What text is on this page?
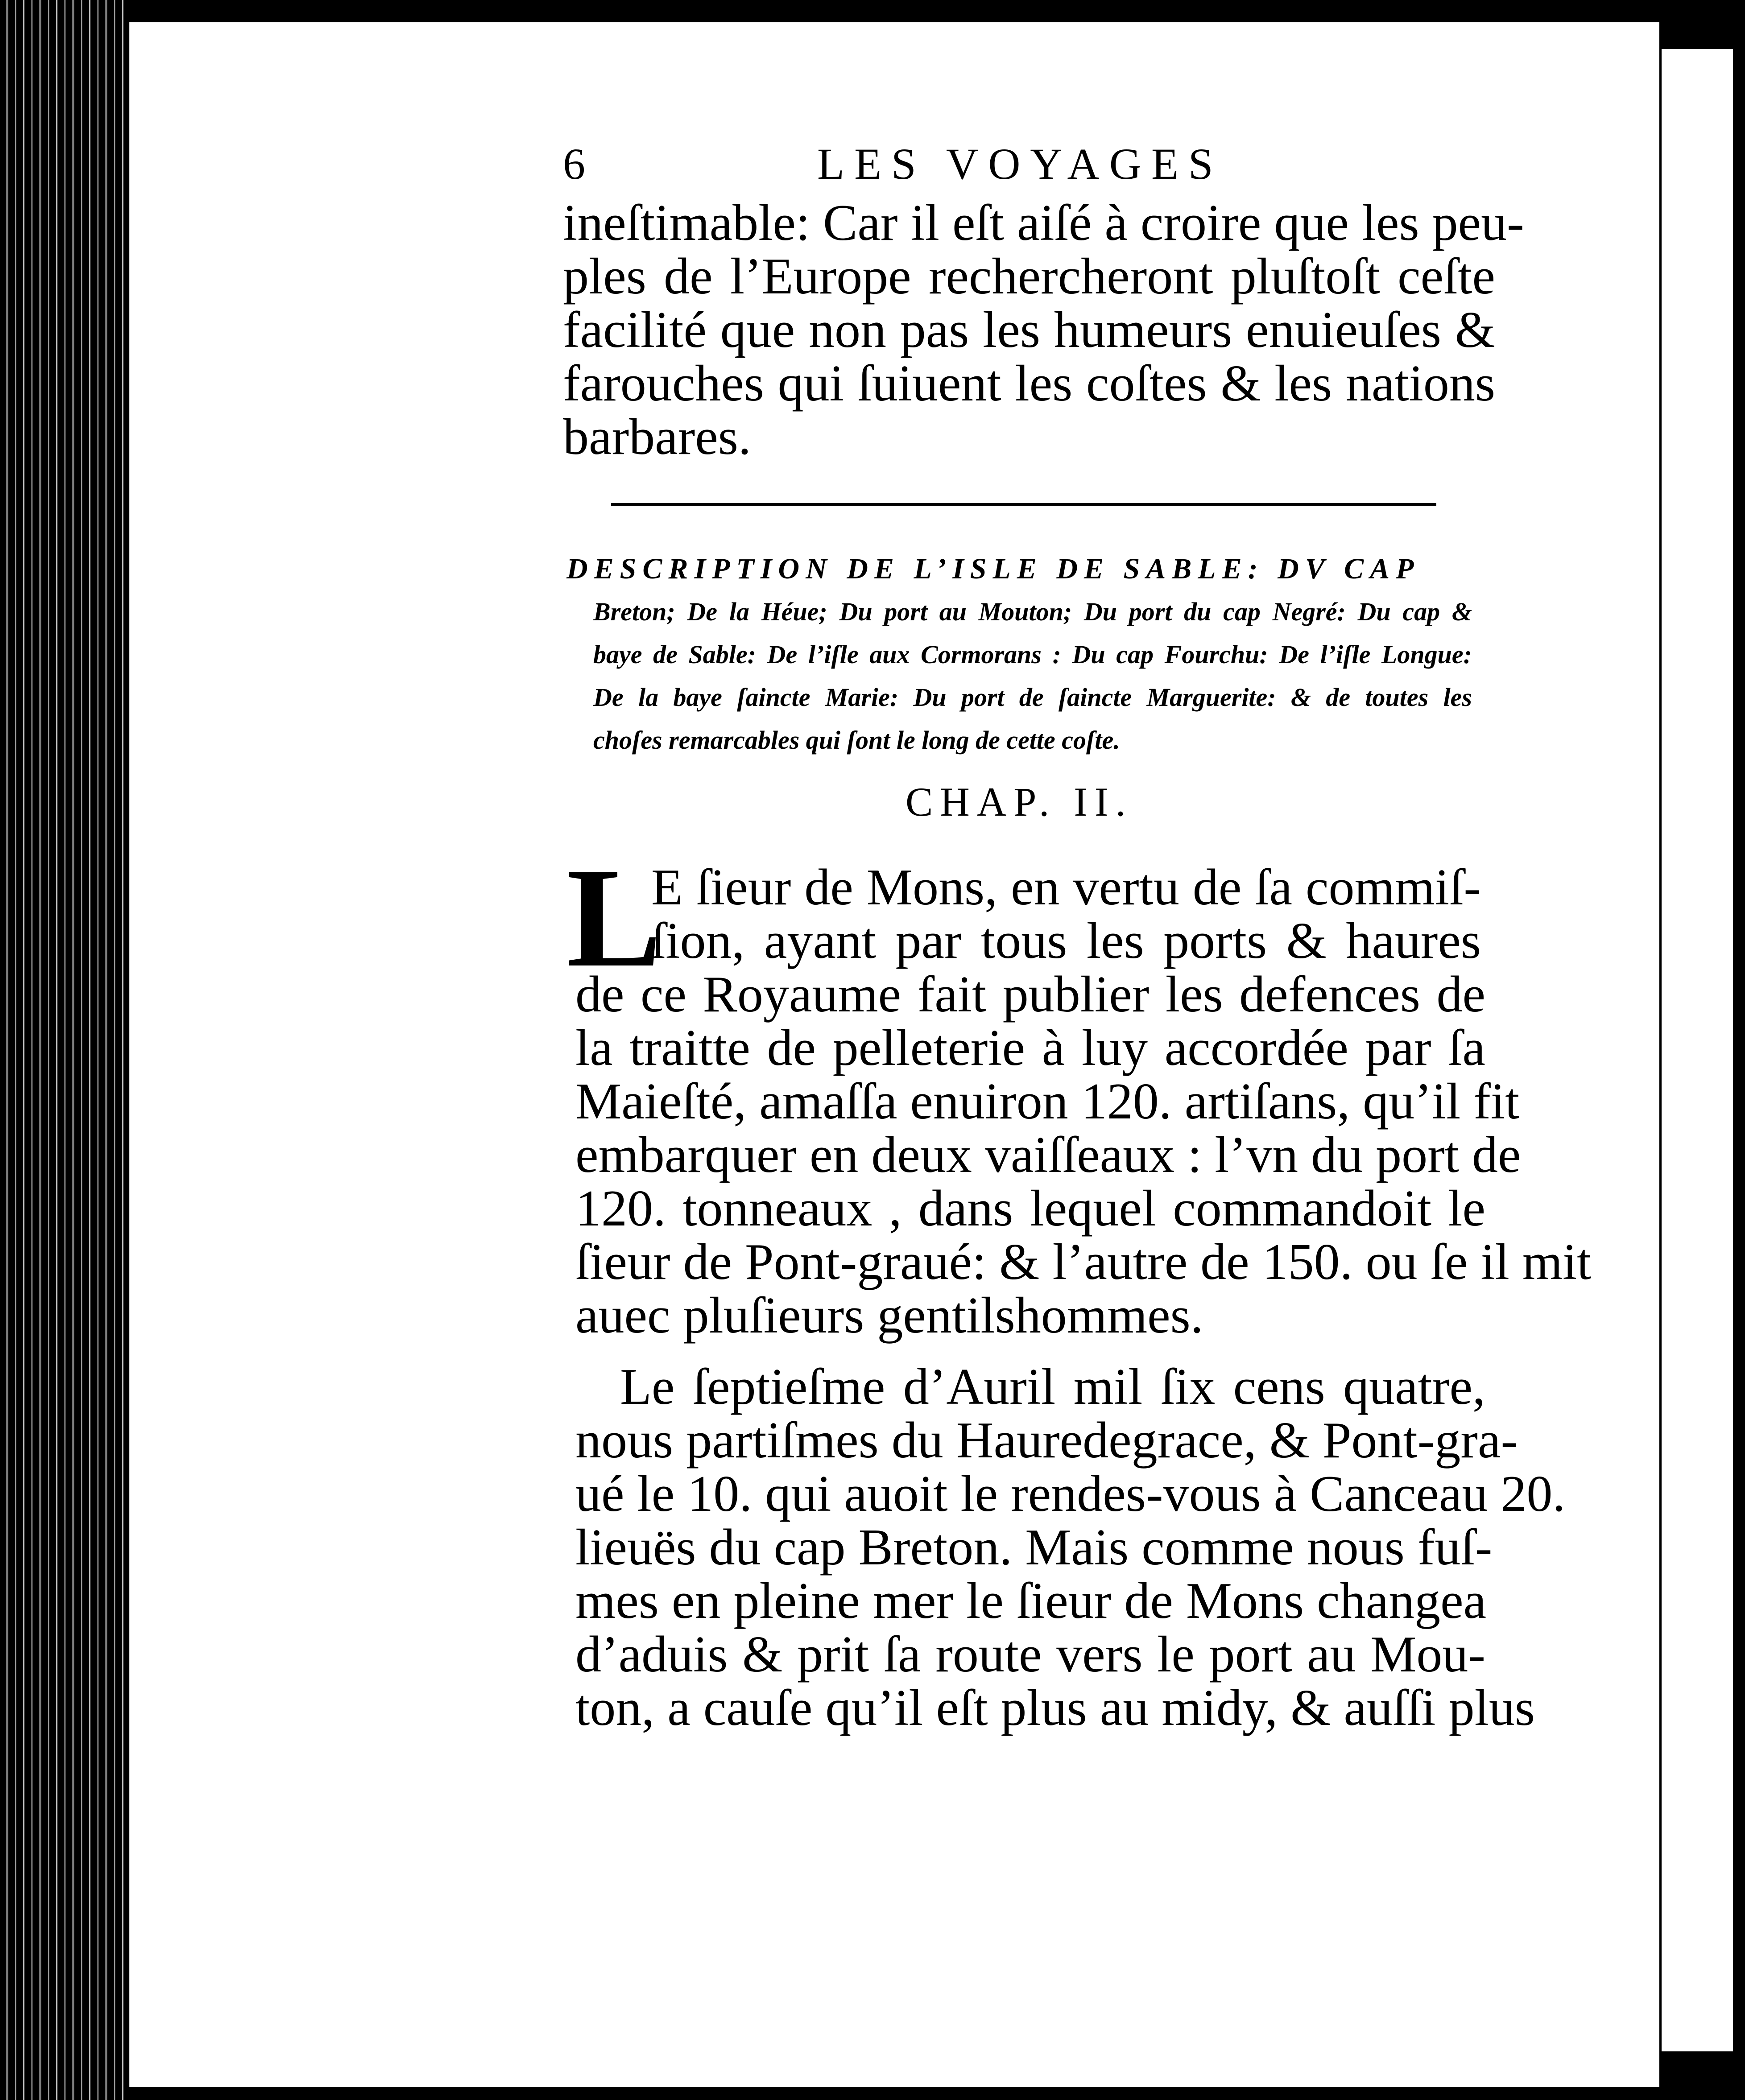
6	LES VOYAGES

ineſtimable: Car il eſt aiſé à croire que les peu-
ples de l’Europe rechercheront pluſtoſt ceſte
facilité que non pas les humeurs enuieuſes &
farouches qui ſuiuent les coſtes & les nations
barbares.

DESCRIPTION DE L’ISLE DE SABLE: DV CAP
Breton; De la Héue; Du port au Mouton; Du port du cap Negré: Du cap &
baye de Sable: De l’iſle aux Cormorans : Du cap Fourchu: De l’iſle Longue:
De la baye ſaincte Marie: Du port de ſaincte Marguerite: & de toutes les
choſes remarcables qui ſont le long de cette coſte.
CHAP. II.
L

E ſieur de Mons, en vertu de ſa commiſ-
ſion, ayant par tous les ports & haures

de ce Royaume fait publier les defences de
la traitte de pelleterie à luy accordée par ſa
Maieſté, amaſſa enuiron 120. artiſans, qu’il fit
embarquer en deux vaiſſeaux : l’vn du port de
120. tonneaux , dans lequel commandoit le
ſieur de Pont-graué: & l’autre de 150. ou ſe il mit
auec pluſieurs gentilshommes.

Le ſeptieſme d’Auril mil ſix cens quatre,
nous partiſmes du Hauredegrace, & Pont-gra-
ué le 10. qui auoit le rendes-vous à Canceau 20.
lieuës du cap Breton. Mais comme nous fuſ-
mes en pleine mer le ſieur de Mons changea
d’aduis & prit ſa route vers le port au Mou-
ton, a cauſe qu’il eſt plus au midy, & auſſi plus
